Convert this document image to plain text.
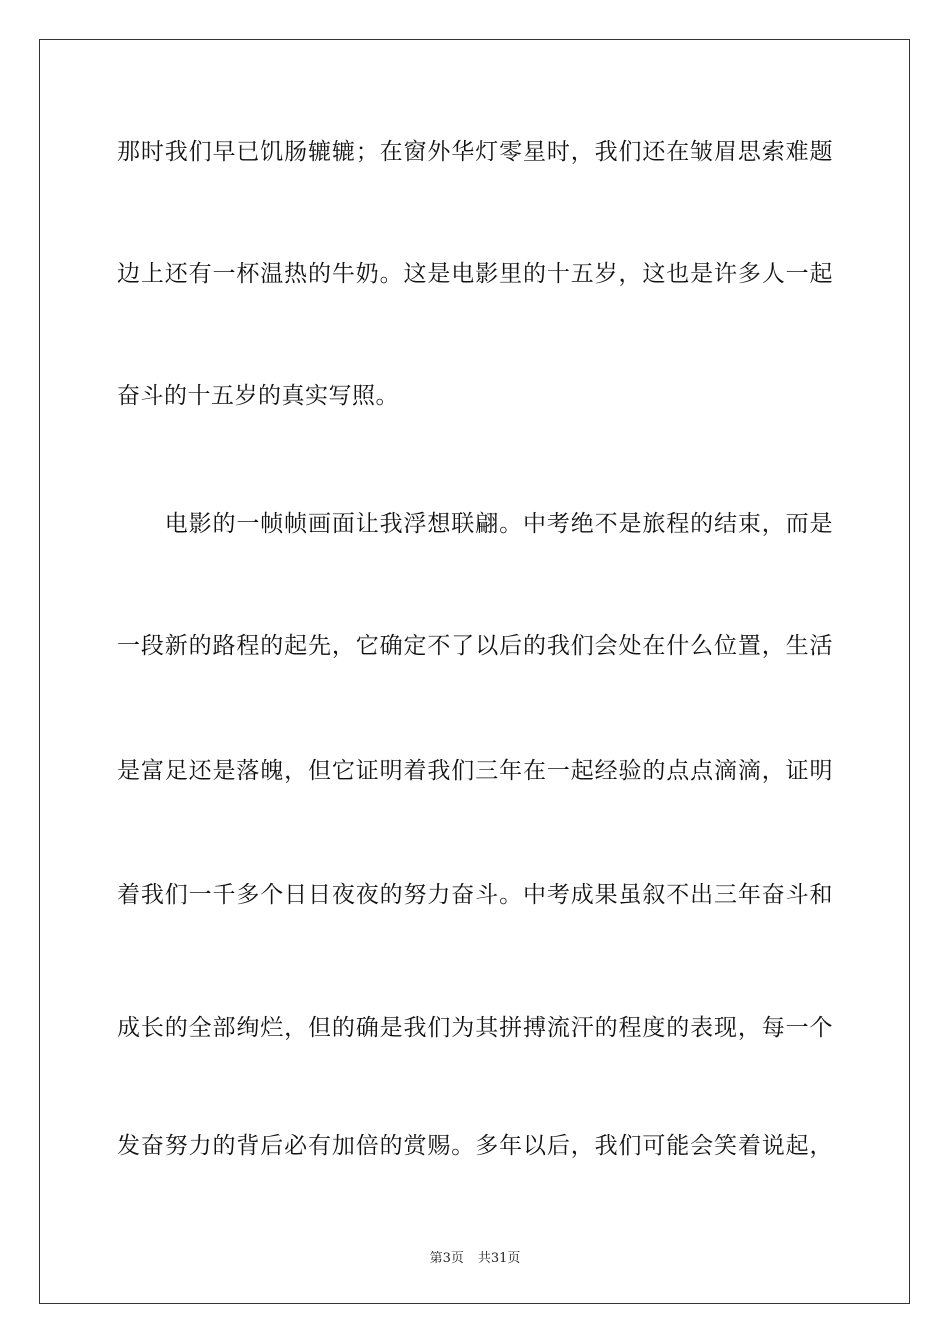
那时我们早已饥肠辘辘；在窗外华灯零星时，我们还在皱眉思索难题
边上还有一杯温热的牛奶。这是电影里的十五岁，这也是许多人一起
奋斗的十五岁的真实写照。
　　电影的一帧帧画面让我浮想联翩。中考绝不是旅程的结束，而是
一段新的路程的起先，它确定不了以后的我们会处在什么位置，生活
是富足还是落魄，但它证明着我们三年在一起经验的点点滴滴，证明
着我们一千多个日日夜夜的努力奋斗。中考成果虽叙不出三年奋斗和
成长的全部绚烂，但的确是我们为其拼搏流汗的程度的表现，每一个
发奋努力的背后必有加倍的赏赐。多年以后，我们可能会笑着说起，
第3页 共31页
